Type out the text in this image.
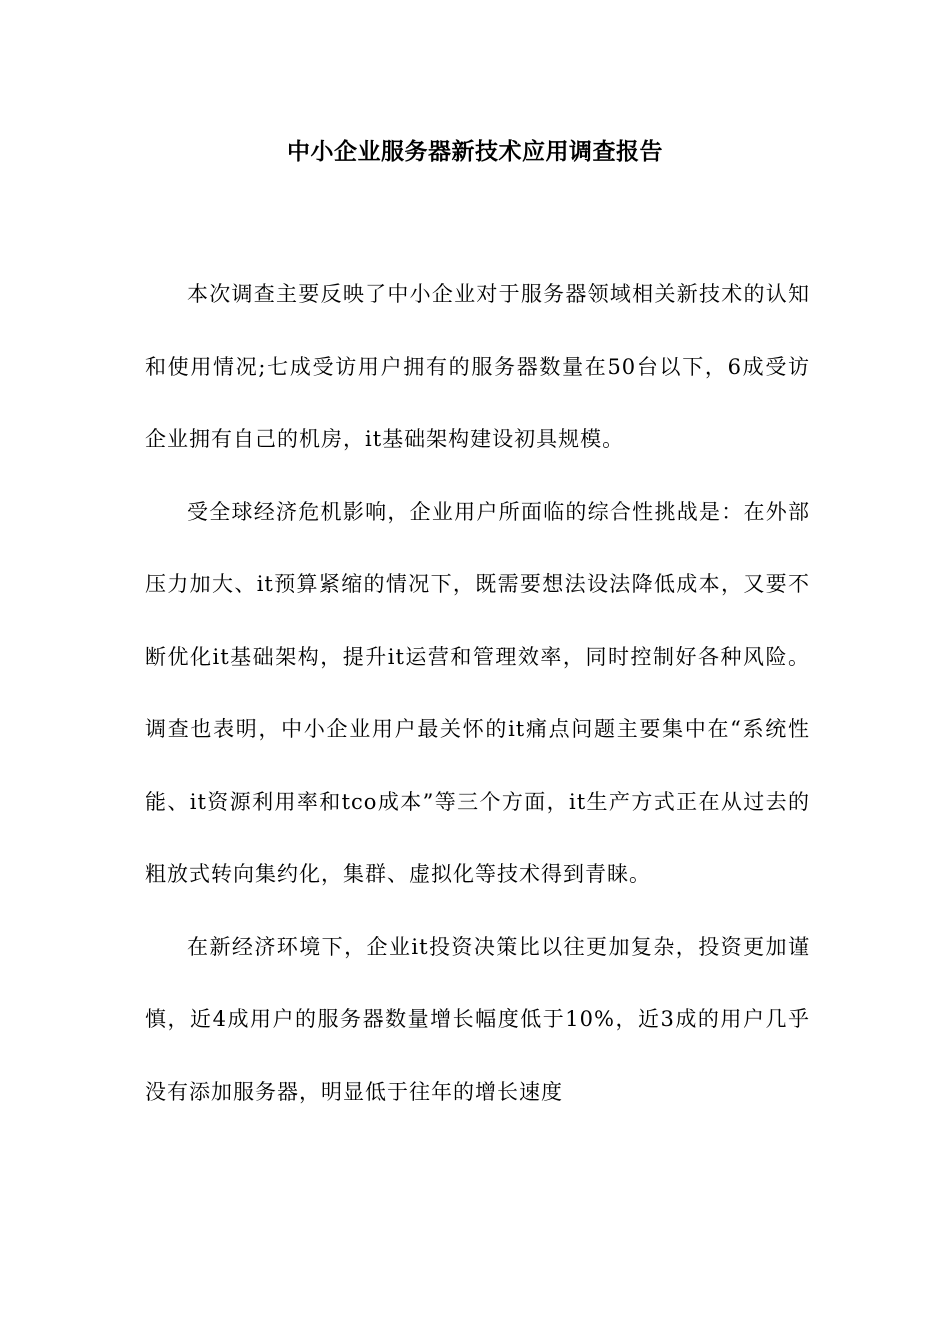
中小企业服务器新技术应用调查报告

本次调查主要反映了中小企业对于服务器领域相关新技术的认知和使用情况;七成受访用户拥有的服务器数量在50台以下，6成受访企业拥有自己的机房，it基础架构建设初具规模。

受全球经济危机影响，企业用户所面临的综合性挑战是：在外部压力加大、it预算紧缩的情况下，既需要想法设法降低成本，又要不断优化it基础架构，提升it运营和管理效率，同时控制好各种风险。调查也表明，中小企业用户最关怀的it痛点问题主要集中在“系统性能、it资源利用率和tco成本”等三个方面，it生产方式正在从过去的粗放式转向集约化，集群、虚拟化等技术得到青睐。

在新经济环境下，企业it投资决策比以往更加复杂，投资更加谨慎，近4成用户的服务器数量增长幅度低于10%，近3成的用户几乎没有添加服务器，明显低于往年的增长速度
